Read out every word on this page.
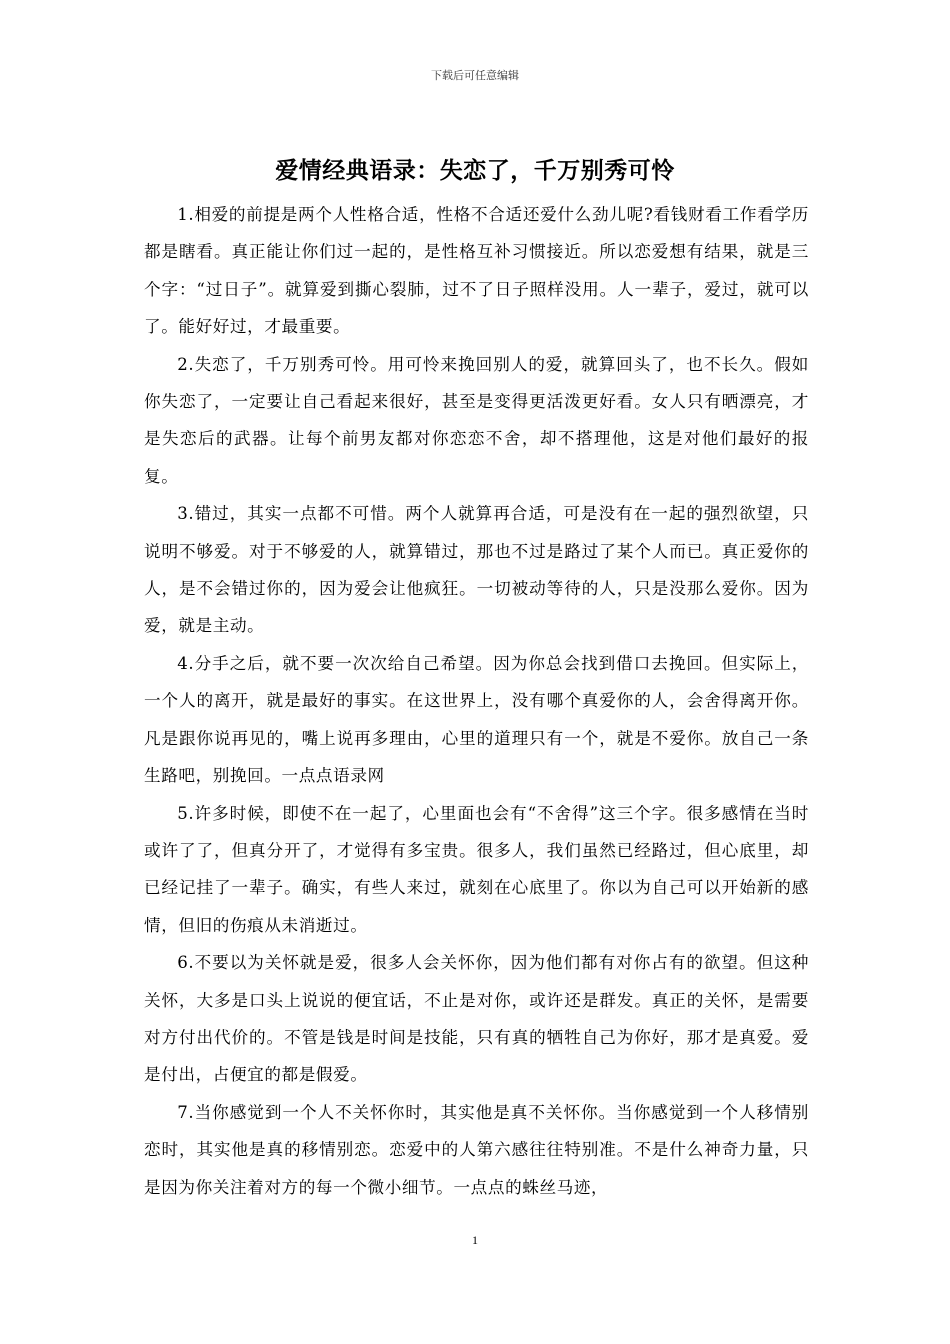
下载后可任意编辑
爱情经典语录：失恋了，千万别秀可怜

1.相爱的前提是两个人性格合适，性格不合适还爱什么劲儿呢?看钱财看工作看学历都是瞎看。真正能让你们过一起的，是性格互补习惯接近。所以恋爱想有结果，就是三个字：“过日子”。就算爱到撕心裂肺，过不了日子照样没用。人一辈子，爱过，就可以了。能好好过，才最重要。

2.失恋了，千万别秀可怜。用可怜来挽回别人的爱，就算回头了，也不长久。假如你失恋了，一定要让自己看起来很好，甚至是变得更活泼更好看。女人只有晒漂亮，才是失恋后的武器。让每个前男友都对你恋恋不舍，却不搭理他，这是对他们最好的报复。

3.错过，其实一点都不可惜。两个人就算再合适，可是没有在一起的强烈欲望，只说明不够爱。对于不够爱的人，就算错过，那也不过是路过了某个人而已。真正爱你的人，是不会错过你的，因为爱会让他疯狂。一切被动等待的人，只是没那么爱你。因为爱，就是主动。

4.分手之后，就不要一次次给自己希望。因为你总会找到借口去挽回。但实际上，一个人的离开，就是最好的事实。在这世界上，没有哪个真爱你的人，会舍得离开你。凡是跟你说再见的，嘴上说再多理由，心里的道理只有一个，就是不爱你。放自己一条生路吧，别挽回。一点点语录网

5.许多时候，即使不在一起了，心里面也会有“不舍得”这三个字。很多感情在当时或许了了，但真分开了，才觉得有多宝贵。很多人，我们虽然已经路过，但心底里，却已经记挂了一辈子。确实，有些人来过，就刻在心底里了。你以为自己可以开始新的感情，但旧的伤痕从未消逝过。

6.不要以为关怀就是爱，很多人会关怀你，因为他们都有对你占有的欲望。但这种关怀，大多是口头上说说的便宜话，不止是对你，或许还是群发。真正的关怀，是需要对方付出代价的。不管是钱是时间是技能，只有真的牺牲自己为你好，那才是真爱。爱是付出，占便宜的都是假爱。

7.当你感觉到一个人不关怀你时，其实他是真不关怀你。当你感觉到一个人移情别恋时，其实他是真的移情别恋。恋爱中的人第六感往往特别准。不是什么神奇力量，只是因为你关注着对方的每一个微小细节。一点点的蛛丝马迹，

1
